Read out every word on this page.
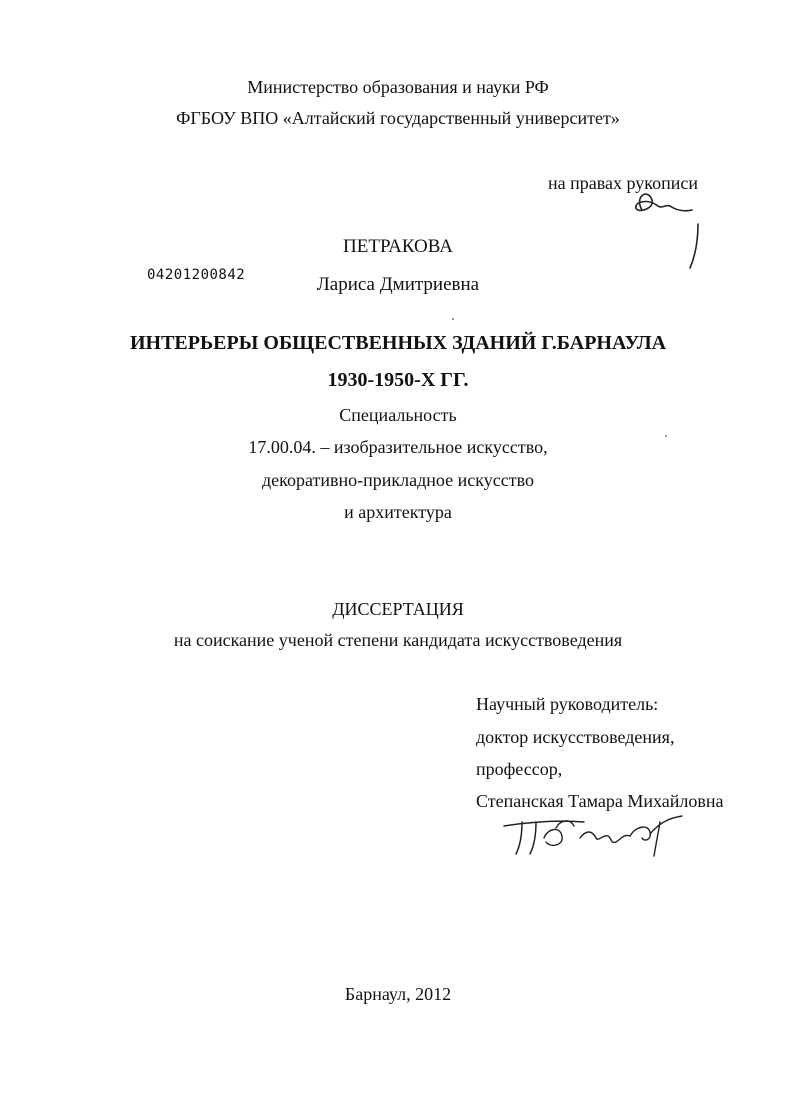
Министерство образования и науки РФ
ФГБОУ ВПО «Алтайский государственный университет»
на правах рукописи
ПЕТРАКОВА
04201200842	Лариса Дмитриевна
ИНТЕРЬЕРЫ ОБЩЕСТВЕННЫХ ЗДАНИЙ Г.БАРНАУЛА
1930-1950-Х ГГ.
Специальность
17.00.04. – изобразительное искусство,
декоративно-прикладное искусство
и архитектура
ДИССЕРТАЦИЯ
на соискание ученой степени кандидата искусствоведения
Научный руководитель:
доктор искусствоведения,
профессор,
Степанская Тамара Михайловна
Барнаул, 2012
